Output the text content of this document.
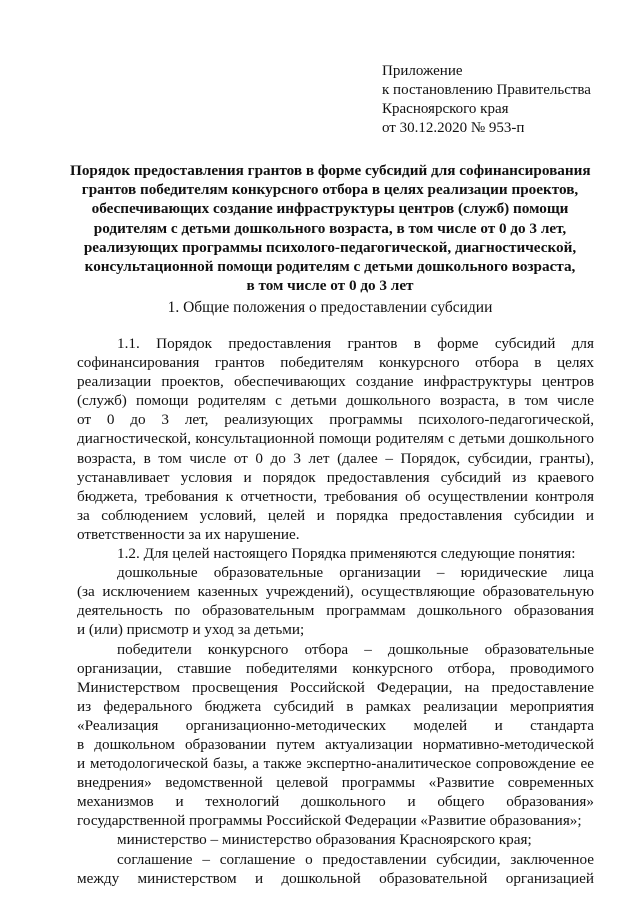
Приложение
к постановлению Правительства
Красноярского края
от 30.12.2020 № 953-п
Порядок предоставления грантов в форме субсидий для софинансирования
грантов победителям конкурсного отбора в целях реализации проектов,
обеспечивающих создание инфраструктуры центров (служб) помощи
родителям с детьми дошкольного возраста, в том числе от 0 до 3 лет,
реализующих программы психолого-педагогической, диагностической,
консультационной помощи родителям с детьми дошкольного возраста,
в том числе от 0 до 3 лет
1. Общие положения о предоставлении субсидии

1.1. Порядок предоставления грантов в форме субсидий для

софинансирования грантов победителям конкурсного отбора в целях

реализации проектов, обеспечивающих создание инфраструктуры центров

(служб) помощи родителям с детьми дошкольного возраста, в том числе

от 0 до 3 лет, реализующих программы психолого-педагогической,

диагностической, консультационной помощи родителям с детьми дошкольного

возраста, в том числе от 0 до 3 лет (далее – Порядок, субсидии, гранты),

устанавливает условия и порядок предоставления субсидий из краевого

бюджета, требования к отчетности, требования об осуществлении контроля

за соблюдением условий, целей и порядка предоставления субсидии и

ответственности за их нарушение.

1.2. Для целей настоящего Порядка применяются следующие понятия:

дошкольные образовательные организации – юридические лица

(за исключением казенных учреждений), осуществляющие образовательную

деятельность по образовательным программам дошкольного образования

и (или) присмотр и уход за детьми;

победители конкурсного отбора – дошкольные образовательные

организации, ставшие победителями конкурсного отбора, проводимого

Министерством просвещения Российской Федерации, на предоставление

из федерального бюджета субсидий в рамках реализации мероприятия

«Реализация организационно-методических моделей и стандарта

в дошкольном образовании путем актуализации нормативно-методической

и методологической базы, а также экспертно-аналитическое сопровождение ее

внедрения» ведомственной целевой программы «Развитие современных

механизмов и технологий дошкольного и общего образования»

государственной программы Российской Федерации «Развитие образования»;

министерство – министерство образования Красноярского края;

соглашение – соглашение о предоставлении субсидии, заключенное

между министерством и дошкольной образовательной организацией
